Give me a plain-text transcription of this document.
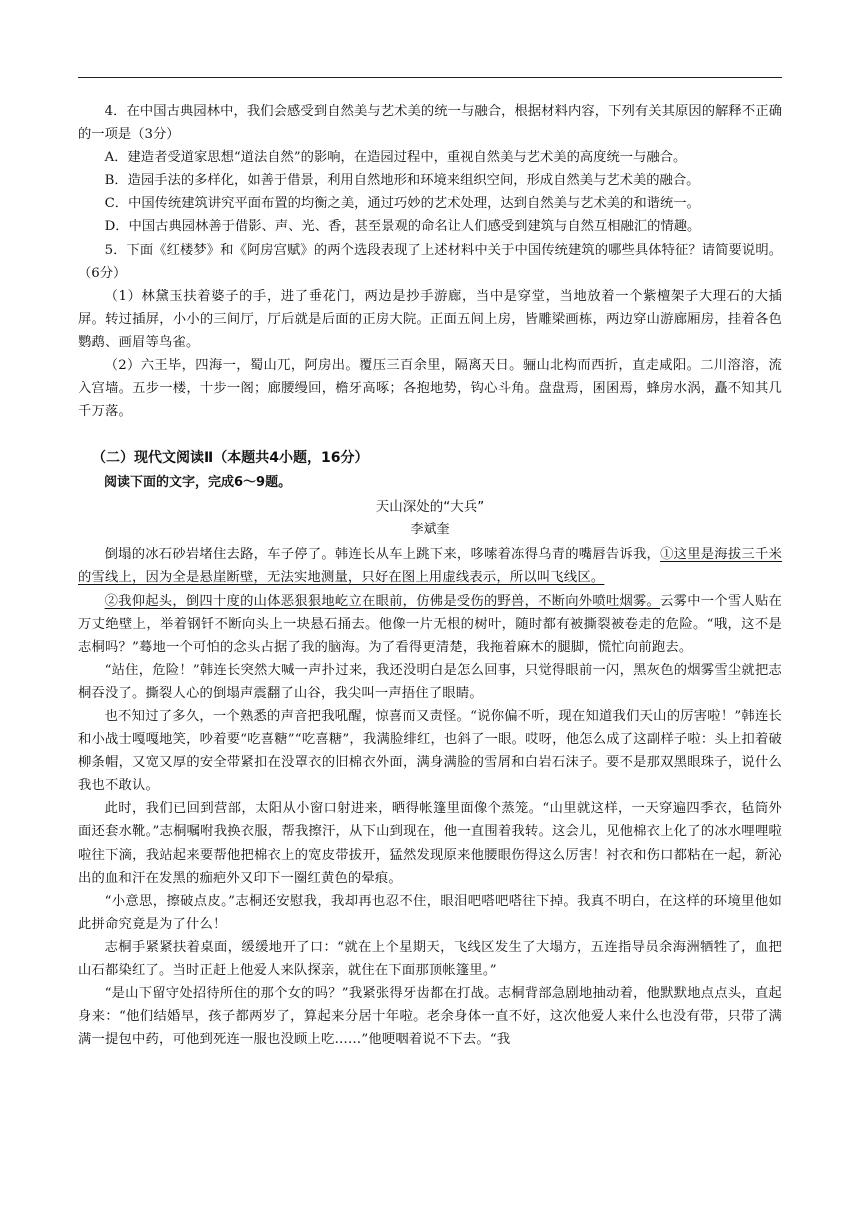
4．在中国古典园林中，我们会感受到自然美与艺术美的统一与融合，根据材料内容，下列有关其原因的解释不正确的一项是（3分）

A．建造者受道家思想“道法自然”的影响，在造园过程中，重视自然美与艺术美的高度统一与融合。

B．造园手法的多样化，如善于借景，利用自然地形和环境来组织空间，形成自然美与艺术美的融合。

C．中国传统建筑讲究平面布置的均衡之美，通过巧妙的艺术处理，达到自然美与艺术美的和谐统一。

D．中国古典园林善于借影、声、光、香，甚至景观的命名让人们感受到建筑与自然互相融汇的情趣。

5．下面《红楼梦》和《阿房宫赋》的两个选段表现了上述材料中关于中国传统建筑的哪些具体特征？请简要说明。（6分）

（1）林黛玉扶着婆子的手，进了垂花门，两边是抄手游廊，当中是穿堂，当地放着一个紫檀架子大理石的大插屏。转过插屏，小小的三间厅，厅后就是后面的正房大院。正面五间上房，皆雕梁画栋，两边穿山游廊厢房，挂着各色鹦鹉、画眉等鸟雀。

（2）六王毕，四海一，蜀山兀，阿房出。覆压三百余里，隔离天日。骊山北构而西折，直走咸阳。二川溶溶，流入宫墙。五步一楼，十步一阁；廊腰缦回，檐牙高啄；各抱地势，钩心斗角。盘盘焉，囷囷焉，蜂房水涡，矗不知其几千万落。

（二）现代文阅读Ⅱ（本题共4小题，16分）

阅读下面的文字，完成6～9题。

天山深处的“大兵”

李斌奎

倒塌的冰石砂岩堵住去路，车子停了。韩连长从车上跳下来，哆嗦着冻得乌青的嘴唇告诉我，①这里是海拔三千米的雪线上，因为全是悬崖断壁，无法实地测量，只好在图上用虚线表示，所以叫飞线区。

②我仰起头，倒四十度的山体恶狠狠地屹立在眼前，仿佛是受伤的野兽，不断向外喷吐烟雾。云雾中一个雪人贴在万丈绝壁上，举着钢钎不断向头上一块悬石捅去。他像一片无根的树叶，随时都有被撕裂被卷走的危险。“哦，这不是志桐吗？”蓦地一个可怕的念头占据了我的脑海。为了看得更清楚，我拖着麻木的腿脚，慌忙向前跑去。

“站住，危险！”韩连长突然大喊一声扑过来，我还没明白是怎么回事，只觉得眼前一闪，黑灰色的烟雾雪尘就把志桐吞没了。撕裂人心的倒塌声震翻了山谷，我尖叫一声捂住了眼睛。

也不知过了多久，一个熟悉的声音把我吼醒，惊喜而又责怪。“说你偏不听，现在知道我们天山的厉害啦！”韩连长和小战士嘎嘎地笑，吵着要“吃喜糖”“吃喜糖”，我满脸绯红，也斜了一眼。哎呀，他怎么成了这副样子啦：头上扣着破柳条帽，又宽又厚的安全带紧扣在没罩衣的旧棉衣外面，满身满脸的雪屑和白岩石沫子。要不是那双黑眼珠子，说什么我也不敢认。

此时，我们已回到营部，太阳从小窗口射进来，晒得帐篷里面像个蒸笼。“山里就这样，一天穿遍四季衣，毡筒外面还套水靴。”志桐嘱咐我换衣服，帮我擦汗，从下山到现在，他一直围着我转。这会儿，见他棉衣上化了的冰水哩哩啦啦往下滴，我站起来要帮他把棉衣上的宽皮带拔开，猛然发现原来他腰眼伤得这么厉害！衬衣和伤口都粘在一起，新沁出的血和汗在发黑的痂疤外又印下一圈红黄色的晕痕。

“小意思，擦破点皮。”志桐还安慰我，我却再也忍不住，眼泪吧嗒吧嗒往下掉。我真不明白，在这样的环境里他如此拼命究竟是为了什么！

志桐手紧紧扶着桌面，缓缓地开了口：“就在上个星期天，飞线区发生了大塌方，五连指导员余海洲牺牲了，血把山石都染红了。当时正赶上他爱人来队探亲，就住在下面那顶帐篷里。”

“是山下留守处招待所住的那个女的吗？”我紧张得牙齿都在打战。志桐背部急剧地抽动着，他默默地点点头，直起身来：“他们结婚早，孩子都两岁了，算起来分居十年啦。老余身体一直不好，这次他爱人来什么也没有带，只带了满满一提包中药，可他到死连一服也没顾上吃……”他哽咽着说不下去。“我
